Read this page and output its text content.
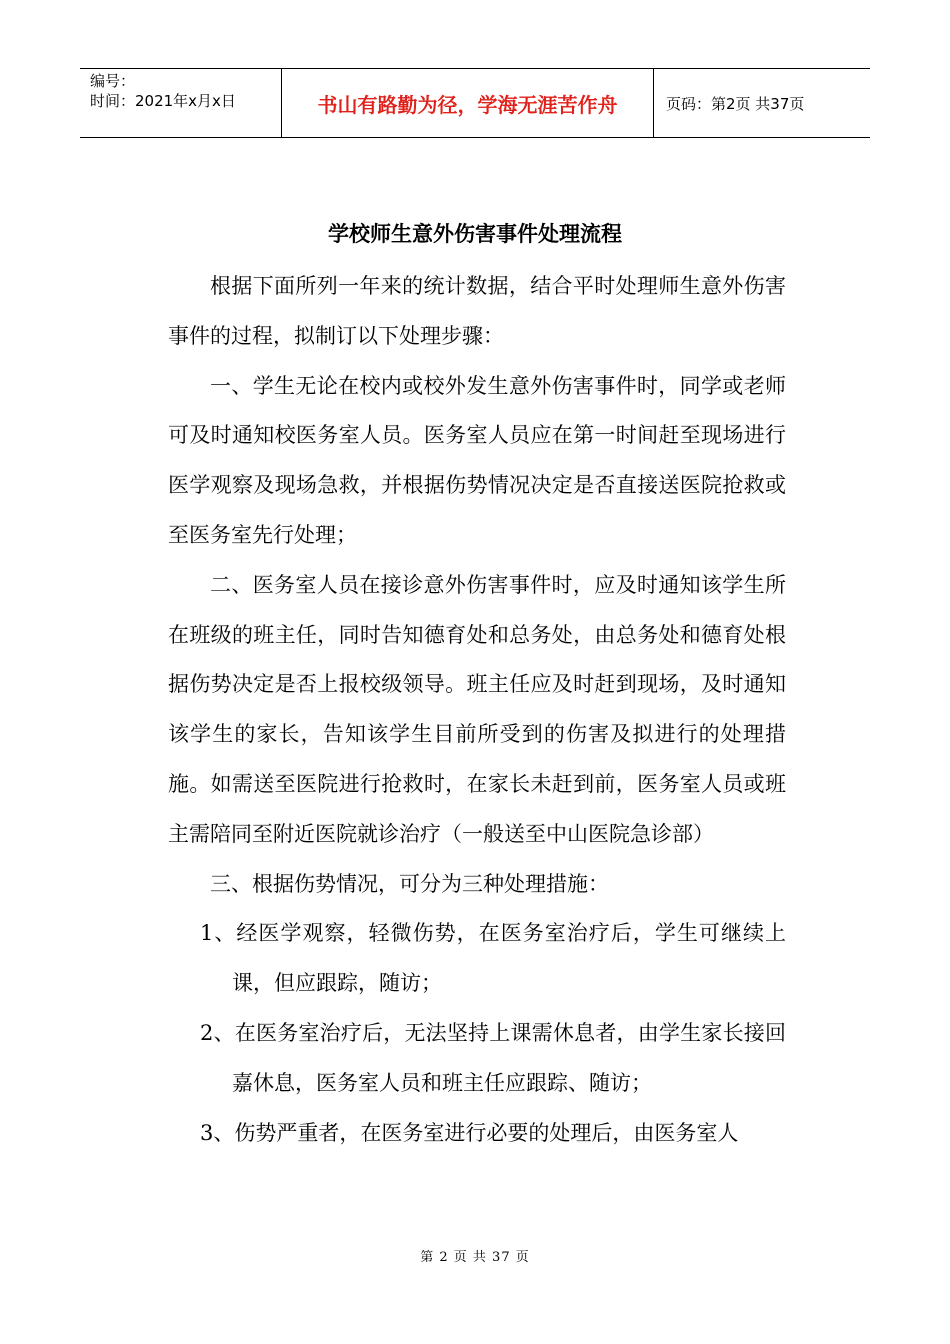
编号：
时间：2021年x月x日	书山有路勤为径，学海无涯苦作舟	页码：第2页 共37页
学校师生意外伤害事件处理流程

根据下面所列一年来的统计数据，结合平时处理师生意外伤害事件的过程，拟制订以下处理步骤：

一、学生无论在校内或校外发生意外伤害事件时，同学或老师可及时通知校医务室人员。医务室人员应在第一时间赶至现场进行医学观察及现场急救，并根据伤势情况决定是否直接送医院抢救或至医务室先行处理；

二、医务室人员在接诊意外伤害事件时，应及时通知该学生所在班级的班主任，同时告知德育处和总务处，由总务处和德育处根据伤势决定是否上报校级领导。班主任应及时赶到现场，及时通知该学生的家长，告知该学生目前所受到的伤害及拟进行的处理措施。如需送至医院进行抢救时，在家长未赶到前，医务室人员或班主需陪同至附近医院就诊治疗（一般送至中山医院急诊部）

三、根据伤势情况，可分为三种处理措施：

1、经医学观察，轻微伤势，在医务室治疗后，学生可继续上课，但应跟踪，随访；

2、在医务室治疗后，无法坚持上课需休息者，由学生家长接回嘉休息，医务室人员和班主任应跟踪、随访；

3、伤势严重者，在医务室进行必要的处理后，由医务室人

第 2 页 共 37 页
